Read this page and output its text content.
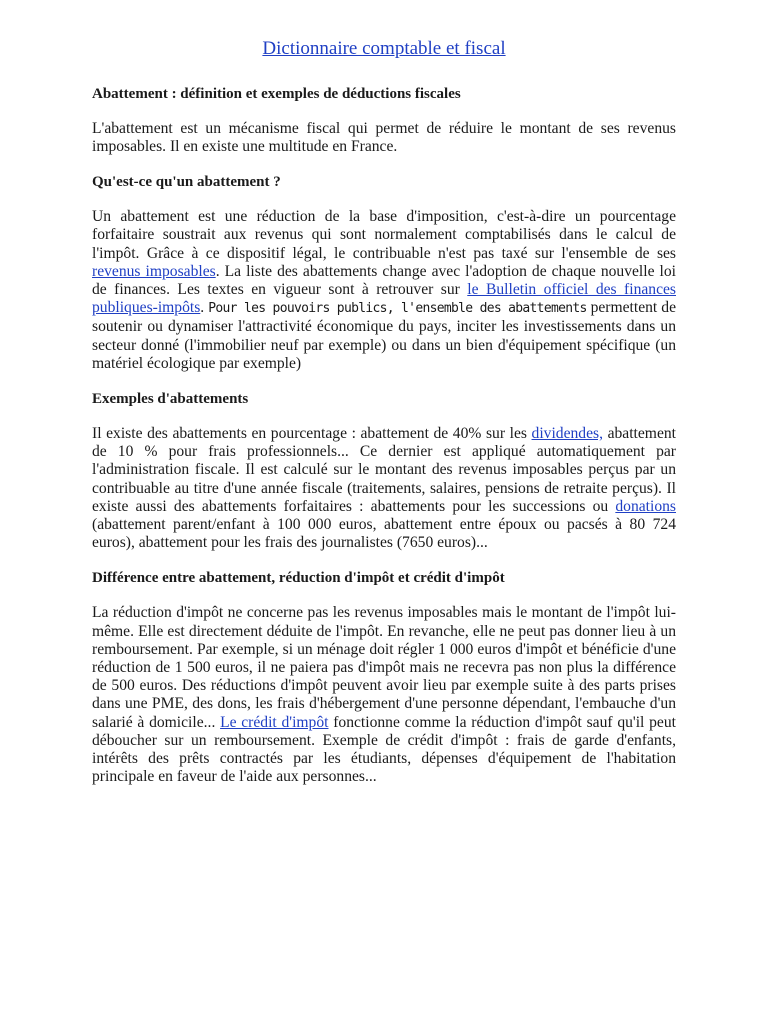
Dictionnaire comptable et fiscal
Abattement : définition et exemples de déductions fiscales

L'abattement est un mécanisme fiscal qui permet de réduire le montant de ses revenus imposables. Il en existe une multitude en France.

Qu'est-ce qu'un abattement ?

Un abattement est une réduction de la base d'imposition, c'est-à-dire un pourcentage forfaitaire soustrait aux revenus qui sont normalement comptabilisés dans le calcul de l'impôt. Grâce à ce dispositif légal, le contribuable n'est pas taxé sur l'ensemble de ses revenus imposables. La liste des abattements change avec l'adoption de chaque nouvelle loi de finances. Les textes en vigueur sont à retrouver sur le Bulletin officiel des finances publiques-impôts. Pour les pouvoirs publics, l'ensemble des abattements permettent de soutenir ou dynamiser l'attractivité économique du pays, inciter les investissements dans un secteur donné (l'immobilier neuf par exemple) ou dans un bien d'équipement spécifique (un matériel écologique par exemple)

Exemples d'abattements

Il existe des abattements en pourcentage : abattement de 40% sur les dividendes, abattement de 10 % pour frais professionnels... Ce dernier est appliqué automatiquement par l'administration fiscale. Il est calculé sur le montant des revenus imposables perçus par un contribuable au titre d'une année fiscale (traitements, salaires, pensions de retraite perçus). Il existe aussi des abattements forfaitaires : abattements pour les successions ou donations (abattement parent/enfant à 100 000 euros, abattement entre époux ou pacsés à 80 724 euros), abattement pour les frais des journalistes (7650 euros)...

Différence entre abattement, réduction d'impôt et crédit d'impôt

La réduction d'impôt ne concerne pas les revenus imposables mais le montant de l'impôt lui-même. Elle est directement déduite de l'impôt. En revanche, elle ne peut pas donner lieu à un remboursement. Par exemple, si un ménage doit régler 1 000 euros d'impôt et bénéficie d'une réduction de 1 500 euros, il ne paiera pas d'impôt mais ne recevra pas non plus la différence de 500 euros. Des réductions d'impôt peuvent avoir lieu par exemple suite à des parts prises dans une PME, des dons, les frais d'hébergement d'une personne dépendant, l'embauche d'un salarié à domicile... Le crédit d'impôt fonctionne comme la réduction d'impôt sauf qu'il peut déboucher sur un remboursement. Exemple de crédit d'impôt : frais de garde d'enfants, intérêts des prêts contractés par les étudiants, dépenses d'équipement de l'habitation principale en faveur de l'aide aux personnes...
